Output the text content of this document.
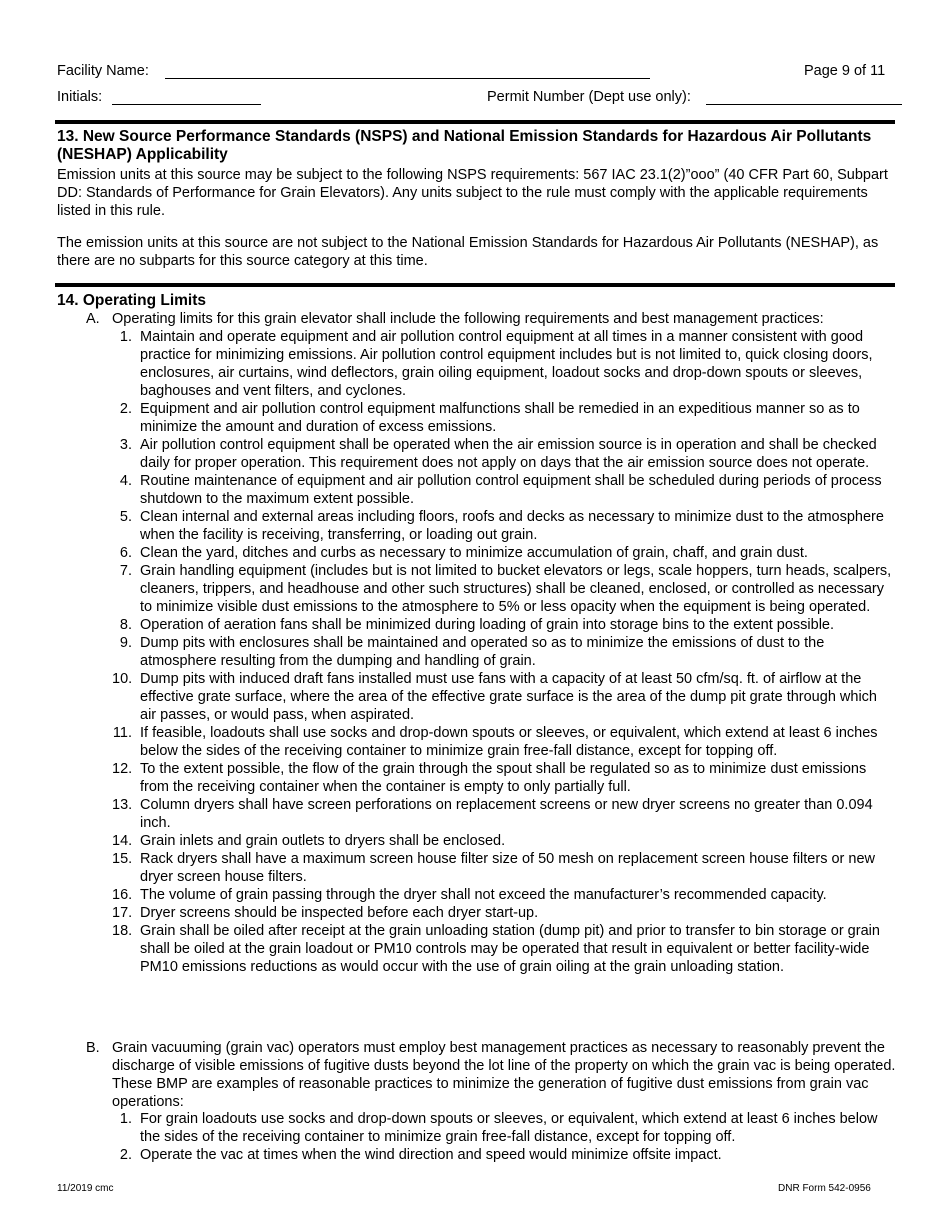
Facility Name:	Page 9 of 11
Initials:	Permit Number (Dept use only):
13. New Source Performance Standards (NSPS) and National Emission Standards for Hazardous Air Pollutants (NESHAP) Applicability

Emission units at this source may be subject to the following NSPS requirements: 567 IAC 23.1(2)”ooo” (40 CFR Part 60, Subpart DD: Standards of Performance for Grain Elevators). Any units subject to the rule must comply with the applicable requirements listed in this rule.

The emission units at this source are not subject to the National Emission Standards for Hazardous Air Pollutants (NESHAP), as there are no subparts for this source category at this time.

14. Operating Limits
A. Operating limits for this grain elevator shall include the following requirements and best management practices:
1. Maintain and operate equipment and air pollution control equipment at all times in a manner consistent with good practice for minimizing emissions. Air pollution control equipment includes but is not limited to, quick closing doors, enclosures, air curtains, wind deflectors, grain oiling equipment, loadout socks and drop-down spouts or sleeves, baghouses and vent filters, and cyclones.
2. Equipment and air pollution control equipment malfunctions shall be remedied in an expeditious manner so as to minimize the amount and duration of excess emissions.
3. Air pollution control equipment shall be operated when the air emission source is in operation and shall be checked daily for proper operation. This requirement does not apply on days that the air emission source does not operate.
4. Routine maintenance of equipment and air pollution control equipment shall be scheduled during periods of process shutdown to the maximum extent possible.
5. Clean internal and external areas including floors, roofs and decks as necessary to minimize dust to the atmosphere when the facility is receiving, transferring, or loading out grain.
6. Clean the yard, ditches and curbs as necessary to minimize accumulation of grain, chaff, and grain dust.
7. Grain handling equipment (includes but is not limited to bucket elevators or legs, scale hoppers, turn heads, scalpers, cleaners, trippers, and headhouse and other such structures) shall be cleaned, enclosed, or controlled as necessary to minimize visible dust emissions to the atmosphere to 5% or less opacity when the equipment is being operated.
8. Operation of aeration fans shall be minimized during loading of grain into storage bins to the extent possible.
9. Dump pits with enclosures shall be maintained and operated so as to minimize the emissions of dust to the atmosphere resulting from the dumping and handling of grain.
10. Dump pits with induced draft fans installed must use fans with a capacity of at least 50 cfm/sq. ft. of airflow at the effective grate surface, where the area of the effective grate surface is the area of the dump pit grate through which air passes, or would pass, when aspirated.
11. If feasible, loadouts shall use socks and drop-down spouts or sleeves, or equivalent, which extend at least 6 inches below the sides of the receiving container to minimize grain free-fall distance, except for topping off.
12. To the extent possible, the flow of the grain through the spout shall be regulated so as to minimize dust emissions from the receiving container when the container is empty to only partially full.
13. Column dryers shall have screen perforations on replacement screens or new dryer screens no greater than 0.094 inch.
14. Grain inlets and grain outlets to dryers shall be enclosed.
15. Rack dryers shall have a maximum screen house filter size of 50 mesh on replacement screen house filters or new dryer screen house filters.
16. The volume of grain passing through the dryer shall not exceed the manufacturer’s recommended capacity.
17. Dryer screens should be inspected before each dryer start-up.
18. Grain shall be oiled after receipt at the grain unloading station (dump pit) and prior to transfer to bin storage or grain shall be oiled at the grain loadout or PM10 controls may be operated that result in equivalent or better facility-wide PM10 emissions reductions as would occur with the use of grain oiling at the grain unloading station.
B. Grain vacuuming (grain vac) operators must employ best management practices as necessary to reasonably prevent the discharge of visible emissions of fugitive dusts beyond the lot line of the property on which the grain vac is being operated. These BMP are examples of reasonable practices to minimize the generation of fugitive dust emissions from grain vac operations:
1. For grain loadouts use socks and drop-down spouts or sleeves, or equivalent, which extend at least 6 inches below the sides of the receiving container to minimize grain free-fall distance, except for topping off.
2. Operate the vac at times when the wind direction and speed would minimize offsite impact.
11/2019 cmc	DNR Form 542-0956
